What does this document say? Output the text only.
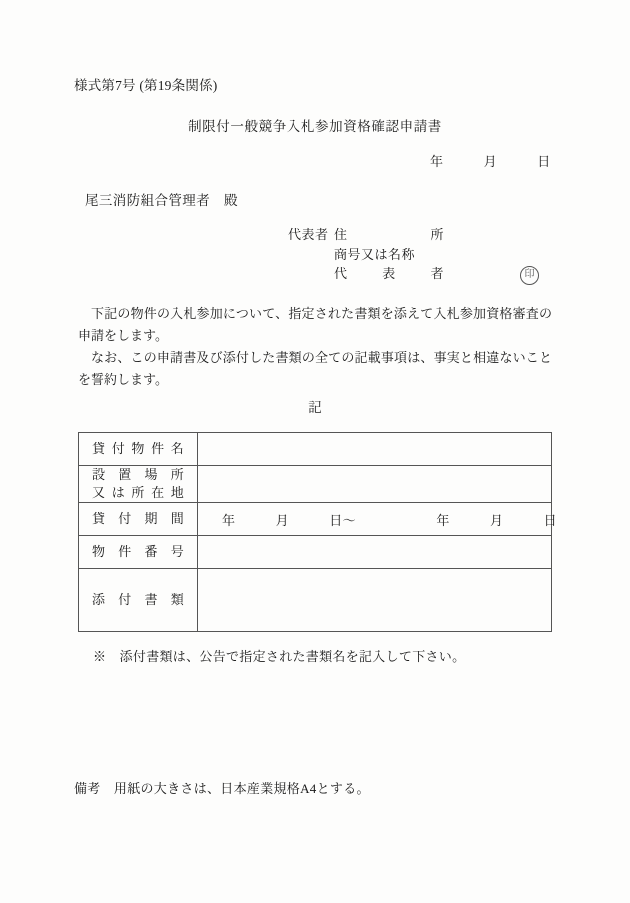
様式第7号 (第19条関係)
制限付一般競争入札参加資格確認申請書
年　　　月　　　日
尾三消防組合管理者　殿
代表者 住　　所
商号又は名称
代　表　者	印

下記の物件の入札参加について、指定された書類を添えて入札参加資格審査の申請をします。

なお、この申請書及び添付した書類の全ての記載事項は、事実と相違ないことを誓約します。

記
貸付物件名	

設置場所
又は所在地	

貸付期間	年　　　月　　　日～　　　　　　年　　　月　　　日

物件番号	

添付書類	

※　添付書類は、公告で指定された書類名を記入して下さい。
備考　用紙の大きさは、日本産業規格A4とする。
